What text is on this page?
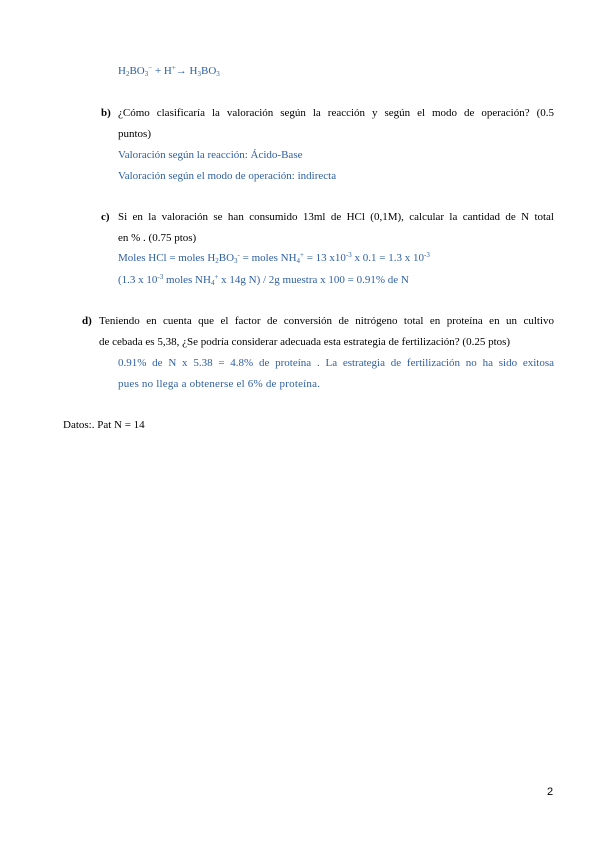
$H_2BO_3^- + H^+\to H_3BO_3$
b) ¿Cómo clasificaría la valoración según la reacción y según el modo de operación? (0.5
puntos)
Valoración según la reacción: Ácido-Base
Valoración según el modo de operación: indirecta
c) Si en la valoración se han consumido 13ml de HCl (0,1M), calcular la cantidad de N total
en % . (0.75 ptos)
Moles HCl = moles $H_2BO_3^-$ = moles $NH_4^+ = 13$ $x10^{-3}$ x 0.1 = 1.3 x $10^{-3}$
(1.3 x $10^{-3}$ moles $NH_4^+$ x 14g N) / 2g muestra x 100 = 0.91% de N
d) Teniendo en cuenta que el factor de conversión de nitrógeno total en proteína en un cultivo
de cebada es 5,38, ¿Se podría considerar adecuada esta estrategia de fertilización? (0.25 ptos)
0.91% de N x 5.38 = 4.8% de proteína . La estrategia de fertilización no ha sido exitosa
pues no llega a obtenerse el 6% de proteína.
Datos:. Pat N = 14
2
